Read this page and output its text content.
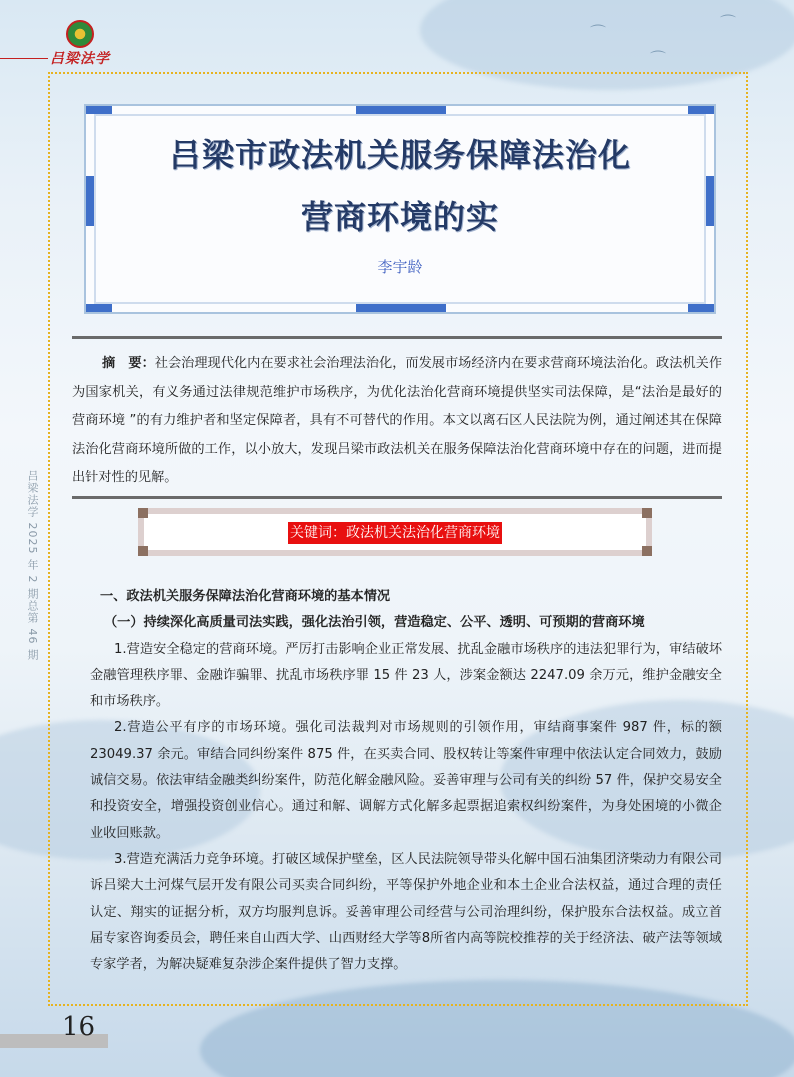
⌒
⌒
⌒
吕梁法学
吕梁法学 2025 年 2 期总第 46 期
吕梁市政法机关服务保障法治化
营商环境的实
李宇龄
摘　要：社会治理现代化内在要求社会治理法治化，而发展市场经济内在要求营商环境法治化。政法机关作为国家机关，有义务通过法律规范维护市场秩序，为优化法治化营商环境提供坚实司法保障，是“法治是最好的营商环境 ”的有力维护者和坚定保障者，具有不可替代的作用。本文以离石区人民法院为例，通过阐述其在保障法治化营商环境所做的工作，以小放大，发现吕梁市政法机关在服务保障法治化营商环境中存在的问题，进而提出针对性的见解。
关键词：政法机关法治化营商环境
一、政法机关服务保障法治化营商环境的基本情况
（一）持续深化高质量司法实践，强化法治引领，营造稳定、公平、透明、可预期的营商环境
1.营造安全稳定的营商环境。严厉打击影响企业正常发展、扰乱金融市场秩序的违法犯罪行为，审结破坏金融管理秩序罪、金融诈骗罪、扰乱市场秩序罪 15 件 23 人，涉案金额达 2247.09 余万元，维护金融安全和市场秩序。
2.营造公平有序的市场环境。强化司法裁判对市场规则的引领作用，审结商事案件 987 件，标的额 23049.37 余元。审结合同纠纷案件 875 件，在买卖合同、股权转让等案件审理中依法认定合同效力，鼓励诚信交易。依法审结金融类纠纷案件，防范化解金融风险。妥善审理与公司有关的纠纷 57 件，保护交易安全和投资安全，增强投资创业信心。通过和解、调解方式化解多起票据追索权纠纷案件，为身处困境的小微企业收回账款。
3.营造充满活力竞争环境。打破区域保护壁垒，区人民法院领导带头化解中国石油集团济柴动力有限公司诉吕梁大土河煤气层开发有限公司买卖合同纠纷，平等保护外地企业和本土企业合法权益，通过合理的责任认定、翔实的证据分析，双方均服判息诉。妥善审理公司经营与公司治理纠纷，保护股东合法权益。成立首届专家咨询委员会，聘任来自山西大学、山西财经大学等8所省内高等院校推荐的关于经济法、破产法等领域专家学者，为解决疑难复杂涉企案件提供了智力支撑。
16
